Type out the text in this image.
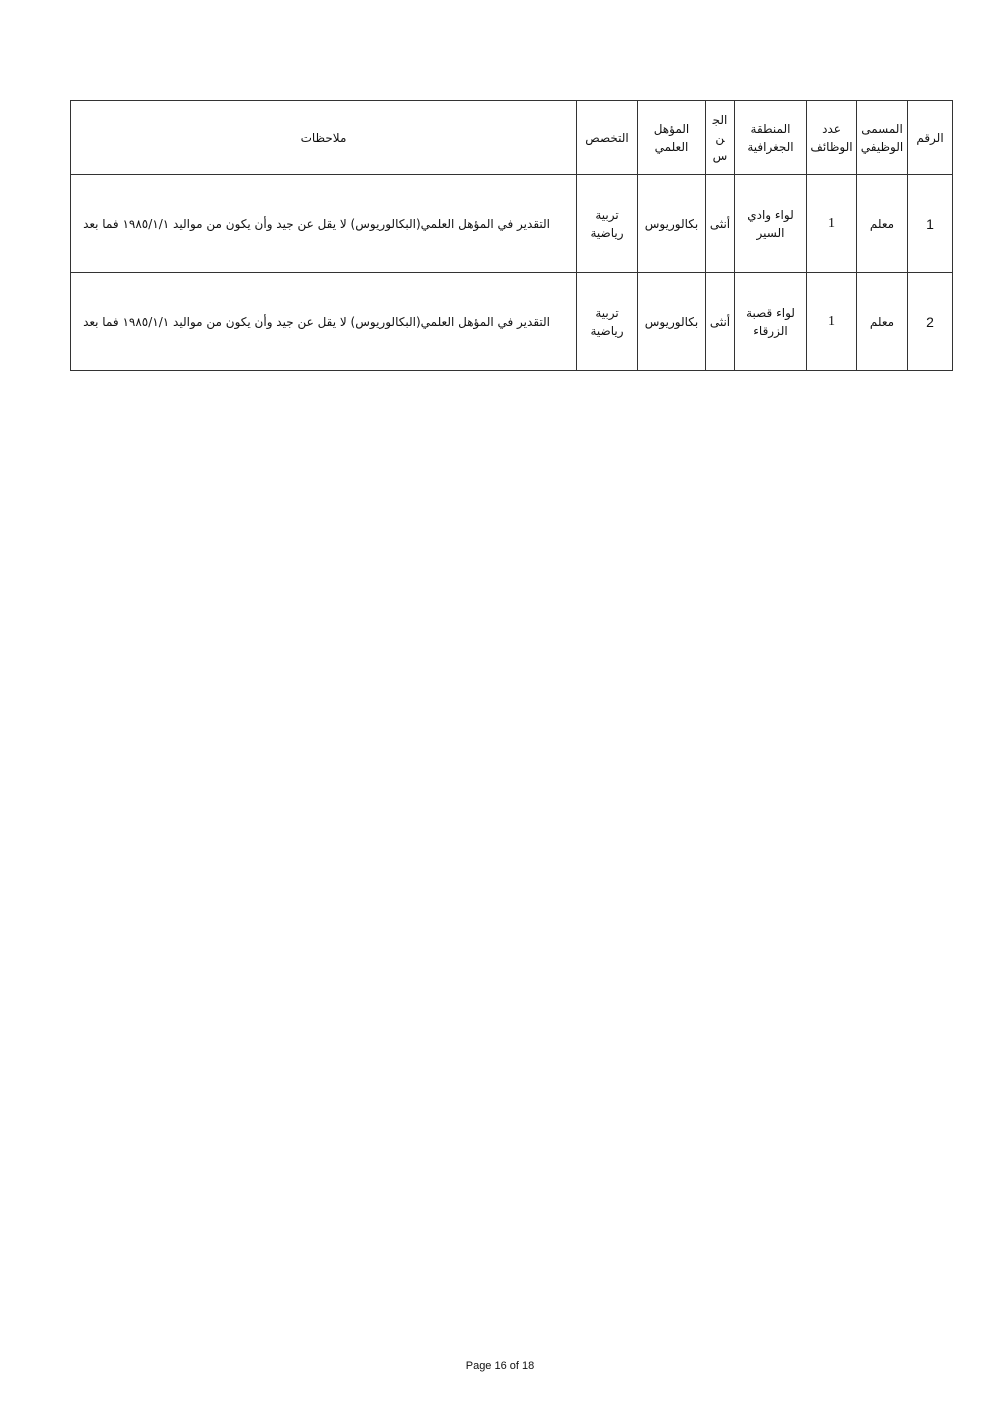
الرقم	المسمى الوظيفي	عدد الوظائف	المنطقة الجغرافية	الجن س	المؤهل العلمي	التخصص	ملاحظات
1	معلم	1	لواء وادي السير	أنثى	بكالوريوس	تربية رياضية	التقدير في المؤهل العلمي(البكالوريوس) لا يقل عن جيد وأن يكون من مواليد ١٩٨٥/١/١ فما بعد
2	معلم	1	لواء قصبة الزرقاء	أنثى	بكالوريوس	تربية رياضية	التقدير في المؤهل العلمي(البكالوريوس) لا يقل عن جيد وأن يكون من مواليد ١٩٨٥/١/١ فما بعد
Page 16 of 18
